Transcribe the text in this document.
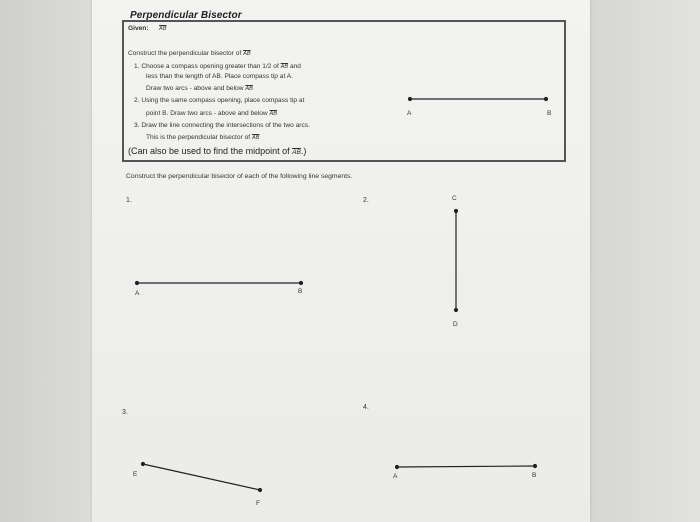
Perpendicular Bisector
Given: $\overline{AB}$
Construct the perpendicular bisector of $\overline{AB}$
1. Choose a compass opening greater than 1/2 of $\overline{AB}$ and
less than the length of AB. Place compass tip at A.
Draw two arcs - above and below $\overline{AB}$
2. Using the same compass opening, place compass tip at
point B. Draw two arcs - above and below $\overline{AB}$
3. Draw the line connecting the intersections of the two arcs.
This is the perpendicular bisector of $\overline{AB}$
(Can also be used to find the midpoint of $\overline{AB}$.)
A	B
Construct the perpendicular bisector of each of the following line segments.
1.	2.
3.
4.
A	B
C
D
E
F
A	B
